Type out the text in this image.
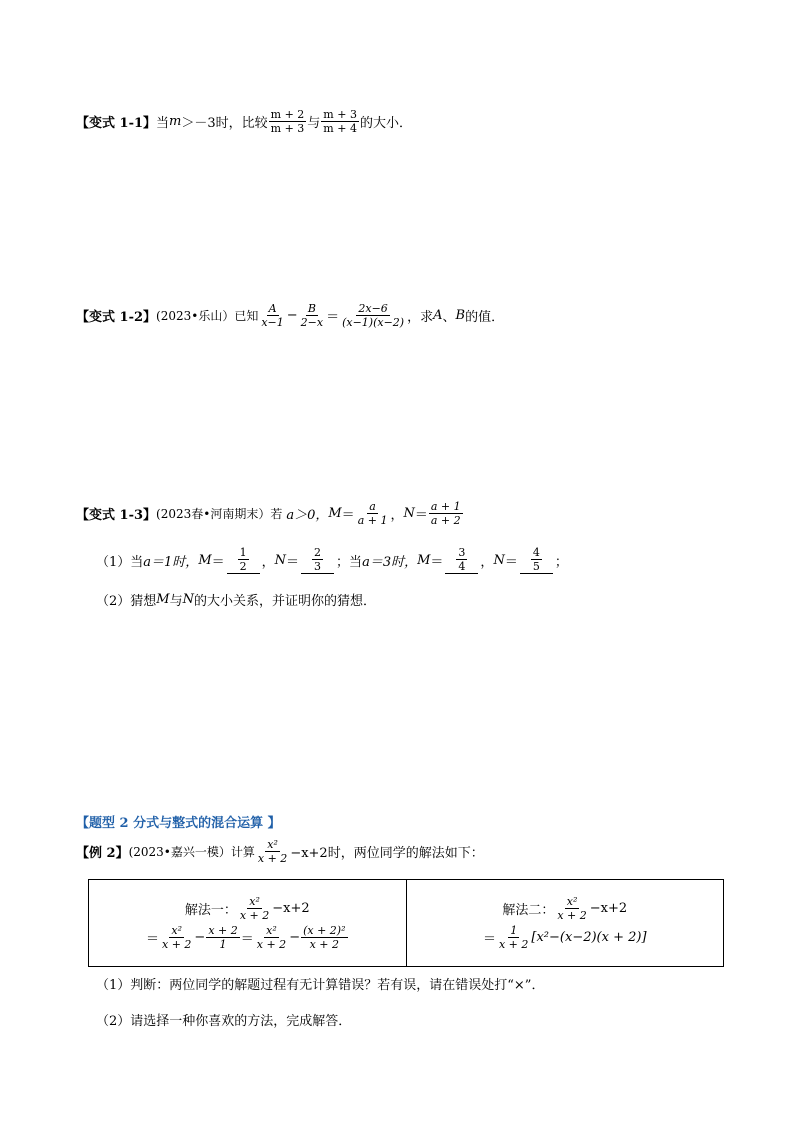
【变式 1-1】 当 m ＞－3时，比较 $\frac{m + 2}{m + 3}$ 与 $\frac{m + 3}{m + 4}$ 的大小．
【变式 1-2】 (2023•乐山）已知 $\frac{A}{x-1} - \frac{B}{2-x} = \frac{2x-6}{(x-1)(x-2)}$ ，求 A 、 B 的值．
【变式 1-3】 (2023春•河南期末）若 a＞0， $M = \frac{a}{a + 1}$ ， $N = \frac{a + 1}{a + 2}$
（1）当 a＝1时， $M = \frac{1}{2}$ ， $N = \frac{2}{3}$ ；当 a＝3时， $M = \frac{3}{4}$ ， $N = \frac{4}{5}$ ；
（2）猜想 M 与 N 的大小关系，并证明你的猜想．
【题型 2 分式与整式的混合运算 】
【例 2】 (2023•嘉兴一模）计算 $\frac{\text{x²}}{x + 2} -x+2$时，两位同学的解法如下：
解法一： $\frac{\text{x²}}{x + 2} -x+2$
＝ $\frac{\text{x²}}{x + 2} - \frac{x + 2}{1} = \frac{\text{x²}}{x + 2} - \frac{\text{(x + 2)²}}{x + 2}$

解法二： $\frac{\text{x²}}{x + 2} -x+2$
＝ $\frac{1}{x + 2} [x^2-(x-2)(x + 2)]$
（1）判断：两位同学的解题过程有无计算错误？若有误，请在错误处打“×”．
（2）请选择一种你喜欢的方法，完成解答．
